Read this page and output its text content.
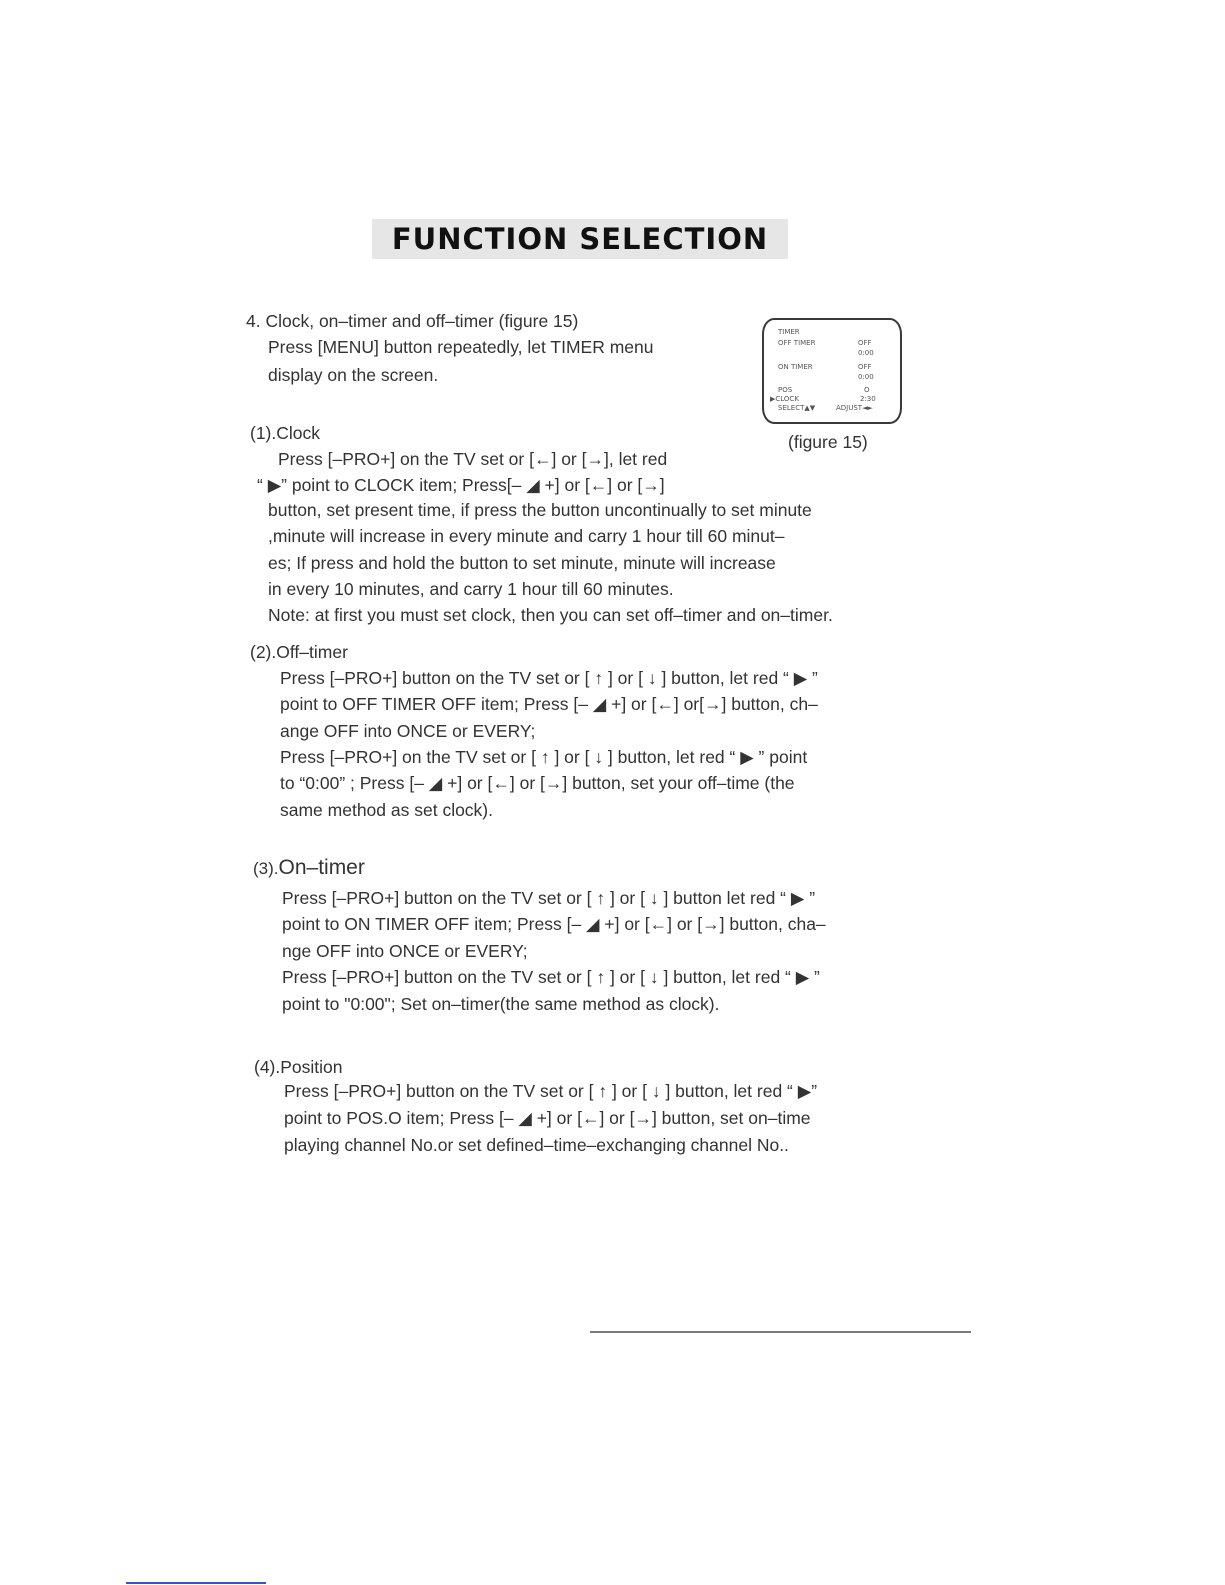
FUNCTION SELECTION
4. Clock, on–timer and off–timer (figure 15)
Press [MENU] button repeatedly, let TIMER menu
display on the screen.
TIMER
OFF TIMER	OFF
0:00
ON TIMER	OFF
0:00
POS	O
▶CLOCK	2:30
SELECT▲▼	ADJUST◄►
(figure 15)
(1).Clock
Press [–PRO+] on the TV set or [←] or [→], let red
“ ▶” point to CLOCK item; Press[– ◢ +] or [←] or [→]
button, set present time, if press the button uncontinually to set minute
,minute will increase in every minute and carry 1 hour till 60 minut–
es; If press and hold the button to set minute, minute will increase
in every 10 minutes, and carry 1 hour till 60 minutes.
Note: at first you must set clock, then you can set off–timer and on–timer.
(2).Off–timer
Press [–PRO+] button on the TV set or [ ↑ ] or [ ↓ ] button, let red “ ▶ ”
point to OFF TIMER OFF item; Press [– ◢ +] or [←] or[→] button, ch–
ange OFF into ONCE or EVERY;
Press [–PRO+] on the TV set or [ ↑ ] or [ ↓ ] button, let red “ ▶ ” point
to “0:00” ; Press [– ◢ +] or [←] or [→] button, set your off–time (the
same method as set clock).
(3).On–timer
Press [–PRO+] button on the TV set or [ ↑ ] or [ ↓ ] button let red “ ▶ ”
point to ON TIMER OFF item; Press [– ◢ +] or [←] or [→] button, cha–
nge OFF into ONCE or EVERY;
Press [–PRO+] button on the TV set or [ ↑ ] or [ ↓ ] button, let red “ ▶ ”
point to "0:00"; Set on–timer(the same method as clock).
(4).Position
Press [–PRO+] button on the TV set or [ ↑ ] or [ ↓ ] button, let red “ ▶”
point to POS.O item; Press [– ◢ +] or [←] or [→] button, set on–time
playing channel No.or set defined–time–exchanging channel No..
